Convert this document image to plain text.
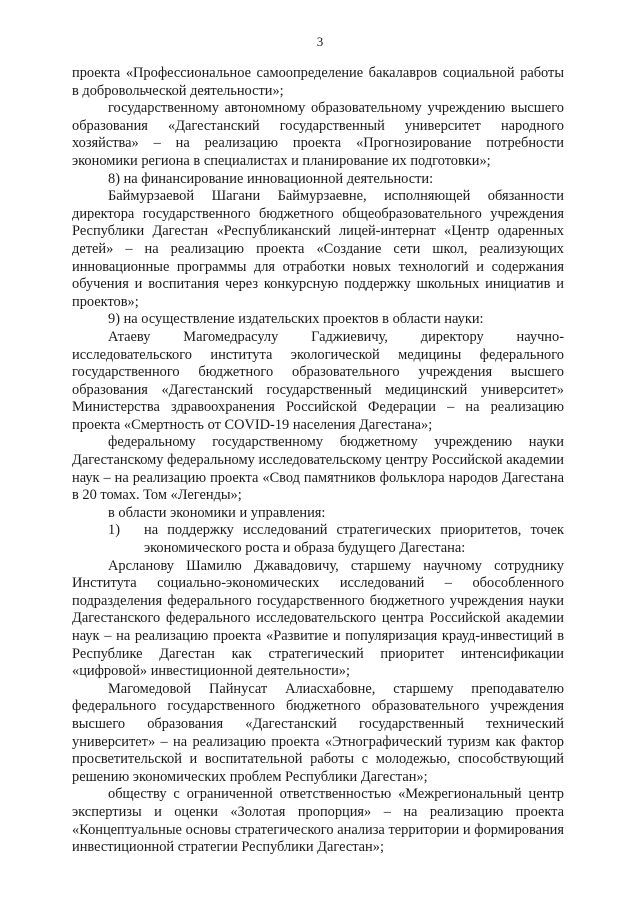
3

проекта «Профессиональное самоопределение бакалавров социальной работы в добровольческой деятельности»;

государственному автономному образовательному учреждению высшего образования «Дагестанский государственный университет народного хозяйства» – на реализацию проекта «Прогнозирование потребности экономики региона в специалистах и планирование их подготовки»;

8) на финансирование инновационной деятельности:

Баймурзаевой Шагани Баймурзаевне, исполняющей обязанности директора государственного бюджетного общеобразовательного учреждения Республики Дагестан «Республиканский лицей-интернат «Центр одаренных детей» – на реализацию проекта «Создание сети школ, реализующих инновационные программы для отработки новых технологий и содержания обучения и воспитания через конкурсную поддержку школьных инициатив и проектов»;

9) на осуществление издательских проектов в области науки:

Атаеву Магомедрасулу Гаджиевичу, директору научно-исследовательского института экологической медицины федерального государственного бюджетного образовательного учреждения высшего образования «Дагестанский государственный медицинский университет» Министерства здравоохранения Российской Федерации – на реализацию проекта «Смертность от COVID-19 населения Дагестана»;

федеральному государственному бюджетному учреждению науки Дагестанскому федеральному исследовательскому центру Российской академии наук – на реализацию проекта «Свод памятников фольклора народов Дагестана в 20 томах. Том «Легенды»;

в области экономики и управления:

1)	на поддержку исследований стратегических приоритетов, точек экономического роста и образа будущего Дагестана:

Арсланову Шамилю Джавадовичу, старшему научному сотруднику Института социально-экономических исследований – обособленного подразделения федерального государственного бюджетного учреждения науки Дагестанского федерального исследовательского центра Российской академии наук – на реализацию проекта «Развитие и популяризация крауд-инвестиций в Республике Дагестан как стратегический приоритет интенсификации «цифровой» инвестиционной деятельности»;

Магомедовой Пайнусат Алиасхабовне, старшему преподавателю федерального государственного бюджетного образовательного учреждения высшего образования «Дагестанский государственный технический университет» – на реализацию проекта «Этнографический туризм как фактор просветительской и воспитательной работы с молодежью, способствующий решению экономических проблем Республики Дагестан»;

обществу с ограниченной ответственностью «Межрегиональный центр экспертизы и оценки «Золотая пропорция» – на реализацию проекта «Концептуальные основы стратегического анализа территории и формирования инвестиционной стратегии Республики Дагестан»;
